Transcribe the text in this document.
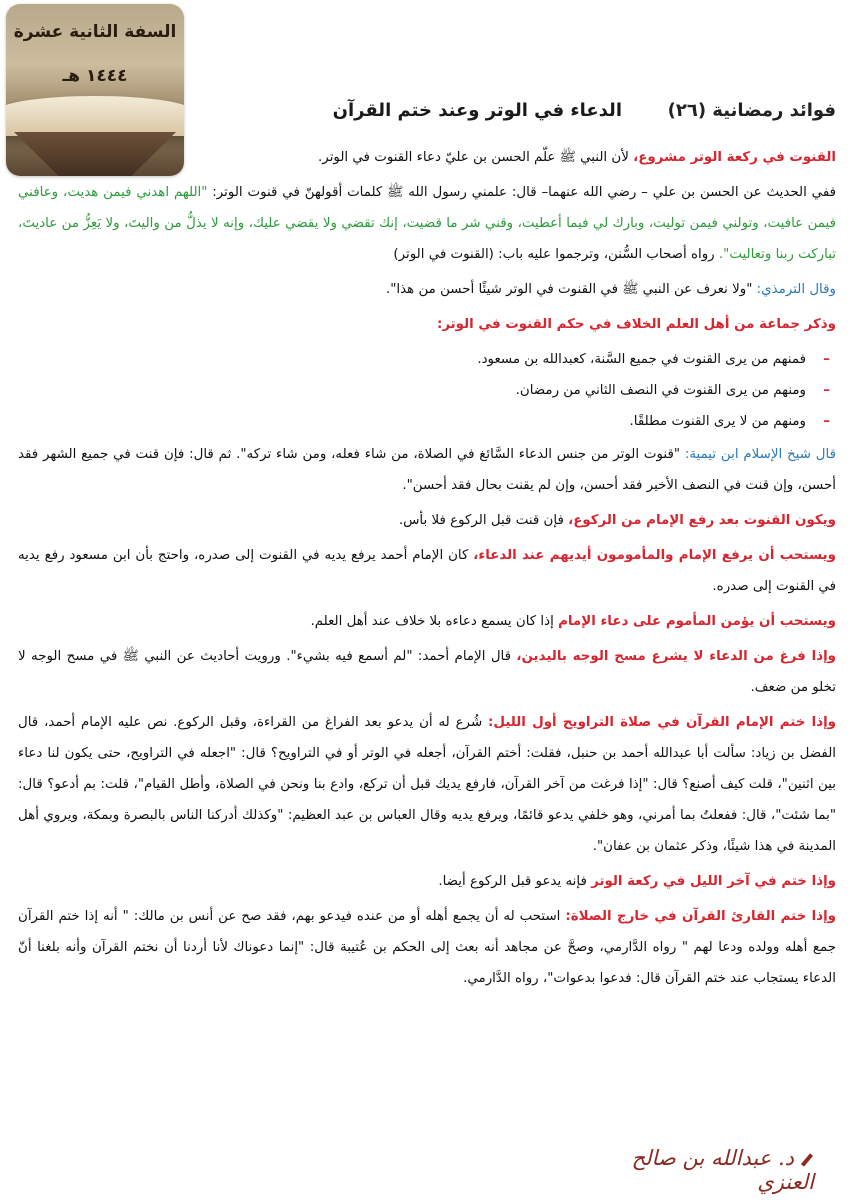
السفة الثانية عشرة
١٤٤٤ هـ
فوائد رمضانية (٢٦)
الدعاء في الوتر وعند ختم القرآن

القنوت في ركعة الوتر مشروع، لأن النبي ﷺ علّم الحسن بن عليّ دعاء القنوت في الوتر.

ففي الحديث عن الحسن بن علي – رضي الله عنهما– قال: علمني رسول الله ﷺ كلمات أقولهنّ في قنوت الوتر: "اللهم اهدني فيمن هديت، وعافني فيمن عافيت، وتولني فيمن توليت، وبارك لي فيما أعطيت، وقني شر ما قضيت، إنك تقضي ولا يقضي عليك، وإنه لا يذلُّ من واليتَ، ولا يَعِزُّ من عاديتَ، تباركت ربنا وتعاليت". رواه أصحاب السُّنن، وترجموا عليه باب: (القنوت في الوتر)

وقال الترمذي: "ولا نعرف عن النبي ﷺ في القنوت في الوتر شيئًا أحسن من هذا".

وذكر جماعة من أهل العلم الخلاف في حكم القنوت في الوتر:

– فمنهم من يرى القنوت في جميع السَّنة، كعبدالله بن مسعود.
– ومنهم من يرى القنوت في النصف الثاني من رمضان.
– ومنهم من لا يرى القنوت مطلقًا.

قال شيخ الإسلام ابن تيمية: "قنوت الوتر من جنس الدعاء السَّائغ في الصلاة، من شاء فعله، ومن شاء تركه". ثم قال: فإن قنت في جميع الشهر فقد أحسن، وإن قنت في النصف الأخير فقد أحسن، وإن لم يقنت بحال فقد أحسن".

ويكون القنوت بعد رفع الإمام من الركوع، فإن قنت قبل الركوع فلا بأس.

ويستحب أن يرفع الإمام والمأمومون أيديهم عند الدعاء، كان الإمام أحمد يرفع يديه في القنوت إلى صدره، واحتج بأن ابن مسعود رفع يديه في القنوت إلى صدره.

ويستحب أن يؤمن المأموم على دعاء الإمام إذا كان يسمع دعاءه بلا خلاف عند أهل العلم.

وإذا فرغ من الدعاء لا يشرع مسح الوجه باليدين، قال الإمام أحمد: "لم أسمع فيه بشيء". ورويت أحاديث عن النبي ﷺ في مسح الوجه لا تخلو من ضعف.

وإذا ختم الإمام القرآن في صلاة التراويح أول الليل: شُرع له أن يدعو بعد الفراغ من القراءة، وقبل الركوع. نص عليه الإمام أحمد، قال الفضل بن زياد: سألت أبا عبدالله أحمد بن حنبل، فقلت: أختم القرآن، أجعله في الوتر أو في التراويح؟ قال: "اجعله في التراويح، حتى يكون لنا دعاء بين اثنين"، قلت كيف أصنع؟ قال: "إذا فرغت من آخر القرآن، فارفع يديك قبل أن تركع، وادع بنا ونحن في الصلاة، وأطل القيام"، قلت: بم أدعو؟ قال: "بما شئت"، قال: ففعلتُ بما أمرني، وهو خلفي يدعو قائمًا، ويرفع يديه وقال العباس بن عبد العظيم: "وكذلك أدركنا الناس بالبصرة وبمكة، ويروي أهل المدينة في هذا شيئًا، وذكر عثمان بن عفان".

وإذا ختم في آخر الليل في ركعة الوتر فإنه يدعو قبل الركوع أيضا.

وإذا ختم القارئ القرآن في خارج الصلاة: استحب له أن يجمع أهله أو من عنده فيدعو بهم، فقد صح عن أنس بن مالك: " أنه إذا ختم القرآن جمع أهله وولده ودعا لهم " رواه الدَّارمي، وصحَّ عن مجاهد أنه بعث إلى الحكم بن عُتيبة قال: "إنما دعوناك لأنا أردنا أن نختم القرآن وأنه بلغنا أنّ الدعاء يستجاب عند ختم القرآن قال: فدعوا بدعوات"، رواه الدَّارمي.

د. عبدالله بن صالح العنزي
